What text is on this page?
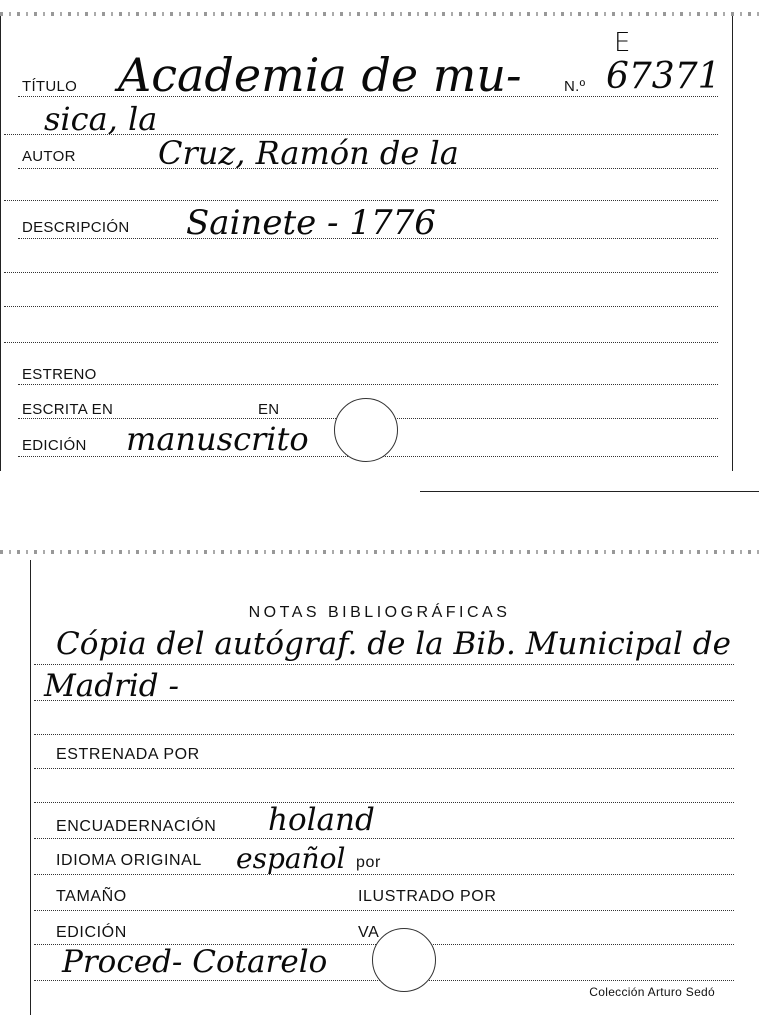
E
TÍTULO Academia de mu-	N.º 67371
sica, la
AUTOR	Cruz, Ramón de la
DESCRIPCIÓN Sainete - 1776
ESTRENO
ESCRITA EN	EN
EDICIÓN manuscrito
NOTAS BIBLIOGRÁFICAS
Cópia del autógraf. de la Bib. Municipal de
Madrid -
ESTRENADA POR
ENCUADERNACIÓN holand
IDIOMA ORIGINAL español por
TAMAÑO	ILUSTRADO POR
EDICIÓN	VA
Proced- Cotarelo
Colección Arturo Sedó
